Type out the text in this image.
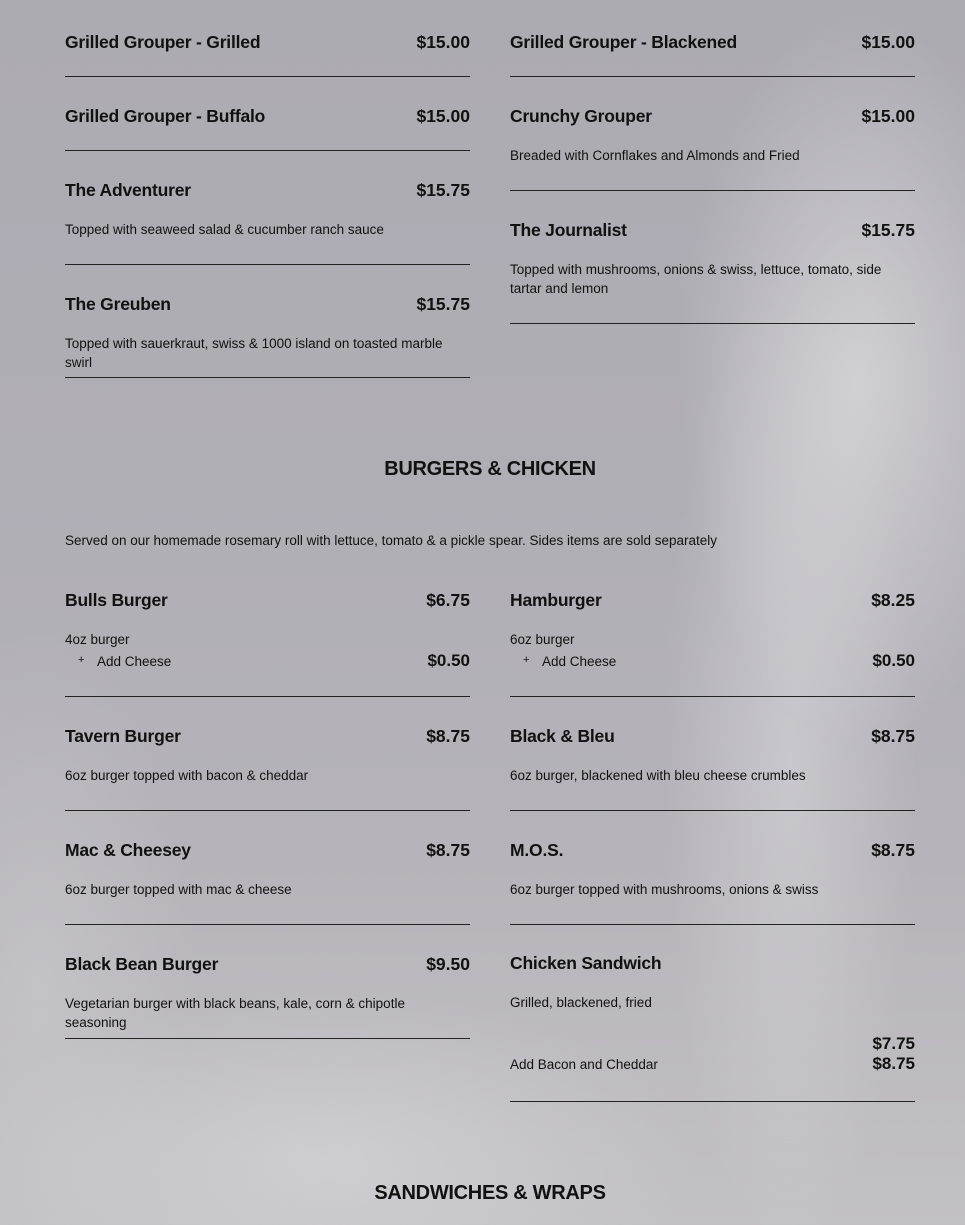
Grilled Grouper - Grilled	$15.00
Grilled Grouper - Buffalo	$15.00
The Adventurer	$15.75
Topped with seaweed salad & cucumber ranch sauce
The Greuben	$15.75
Topped with sauerkraut, swiss & 1000 island on toasted marble swirl
Grilled Grouper - Blackened	$15.00
Crunchy Grouper	$15.00
Breaded with Cornflakes and Almonds and Fried
The Journalist	$15.75
Topped with mushrooms, onions & swiss, lettuce, tomato, side tartar and lemon
BURGERS & CHICKEN
Served on our homemade rosemary roll with lettuce, tomato & a pickle spear. Sides items are sold separately
Bulls Burger	$6.75
4oz burger
+ Add Cheese	$0.50
Tavern Burger	$8.75
6oz burger topped with bacon & cheddar
Mac & Cheesey	$8.75
6oz burger topped with mac & cheese
Black Bean Burger	$9.50
Vegetarian burger with black beans, kale, corn & chipotle seasoning
Hamburger	$8.25
6oz burger
+ Add Cheese	$0.50
Black & Bleu	$8.75
6oz burger, blackened with bleu cheese crumbles
M.O.S.	$8.75
6oz burger topped with mushrooms, onions & swiss
Chicken Sandwich
Grilled, blackened, fried
$7.75
Add Bacon and Cheddar	$8.75
SANDWICHES & WRAPS
